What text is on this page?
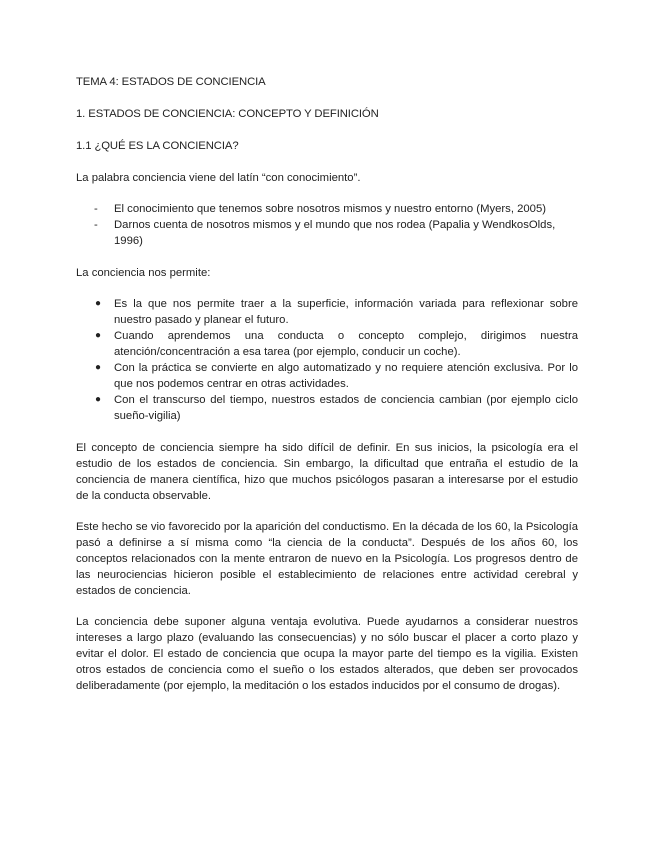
TEMA 4: ESTADOS DE CONCIENCIA

1. ESTADOS DE CONCIENCIA: CONCEPTO Y DEFINICIÓN

1.1 ¿QUÉ ES LA CONCIENCIA?

La palabra conciencia viene del latín “con conocimiento”.

- El conocimiento que tenemos sobre nosotros mismos y nuestro entorno (Myers, 2005)
- Darnos cuenta de nosotros mismos y el mundo que nos rodea (Papalia y WendkosOlds, 1996)

La conciencia nos permite:

● Es la que nos permite traer a la superficie, información variada para reflexionar sobre nuestro pasado y planear el futuro.
● Cuando aprendemos una conducta o concepto complejo, dirigimos nuestra atención/concentración a esa tarea (por ejemplo, conducir un coche).
● Con la práctica se convierte en algo automatizado y no requiere atención exclusiva. Por lo que nos podemos centrar en otras actividades.
● Con el transcurso del tiempo, nuestros estados de conciencia cambian (por ejemplo ciclo sueño-vigilia)

El concepto de conciencia siempre ha sido difícil de definir. En sus inicios, la psicología era el estudio de los estados de conciencia. Sin embargo, la dificultad que entraña el estudio de la conciencia de manera científica, hizo que muchos psicólogos pasaran a interesarse por el estudio de la conducta observable.

Este hecho se vio favorecido por la aparición del conductismo. En la década de los 60, la Psicología pasó a definirse a sí misma como “la ciencia de la conducta”. Después de los años 60, los conceptos relacionados con la mente entraron de nuevo en la Psicología. Los progresos dentro de las neurociencias hicieron posible el establecimiento de relaciones entre actividad cerebral y estados de conciencia.

La conciencia debe suponer alguna ventaja evolutiva. Puede ayudarnos a considerar nuestros intereses a largo plazo (evaluando las consecuencias) y no sólo buscar el placer a corto plazo y evitar el dolor. El estado de conciencia que ocupa la mayor parte del tiempo es la vigilia. Existen otros estados de conciencia como el sueño o los estados alterados, que deben ser provocados deliberadamente (por ejemplo, la meditación o los estados inducidos por el consumo de drogas).
